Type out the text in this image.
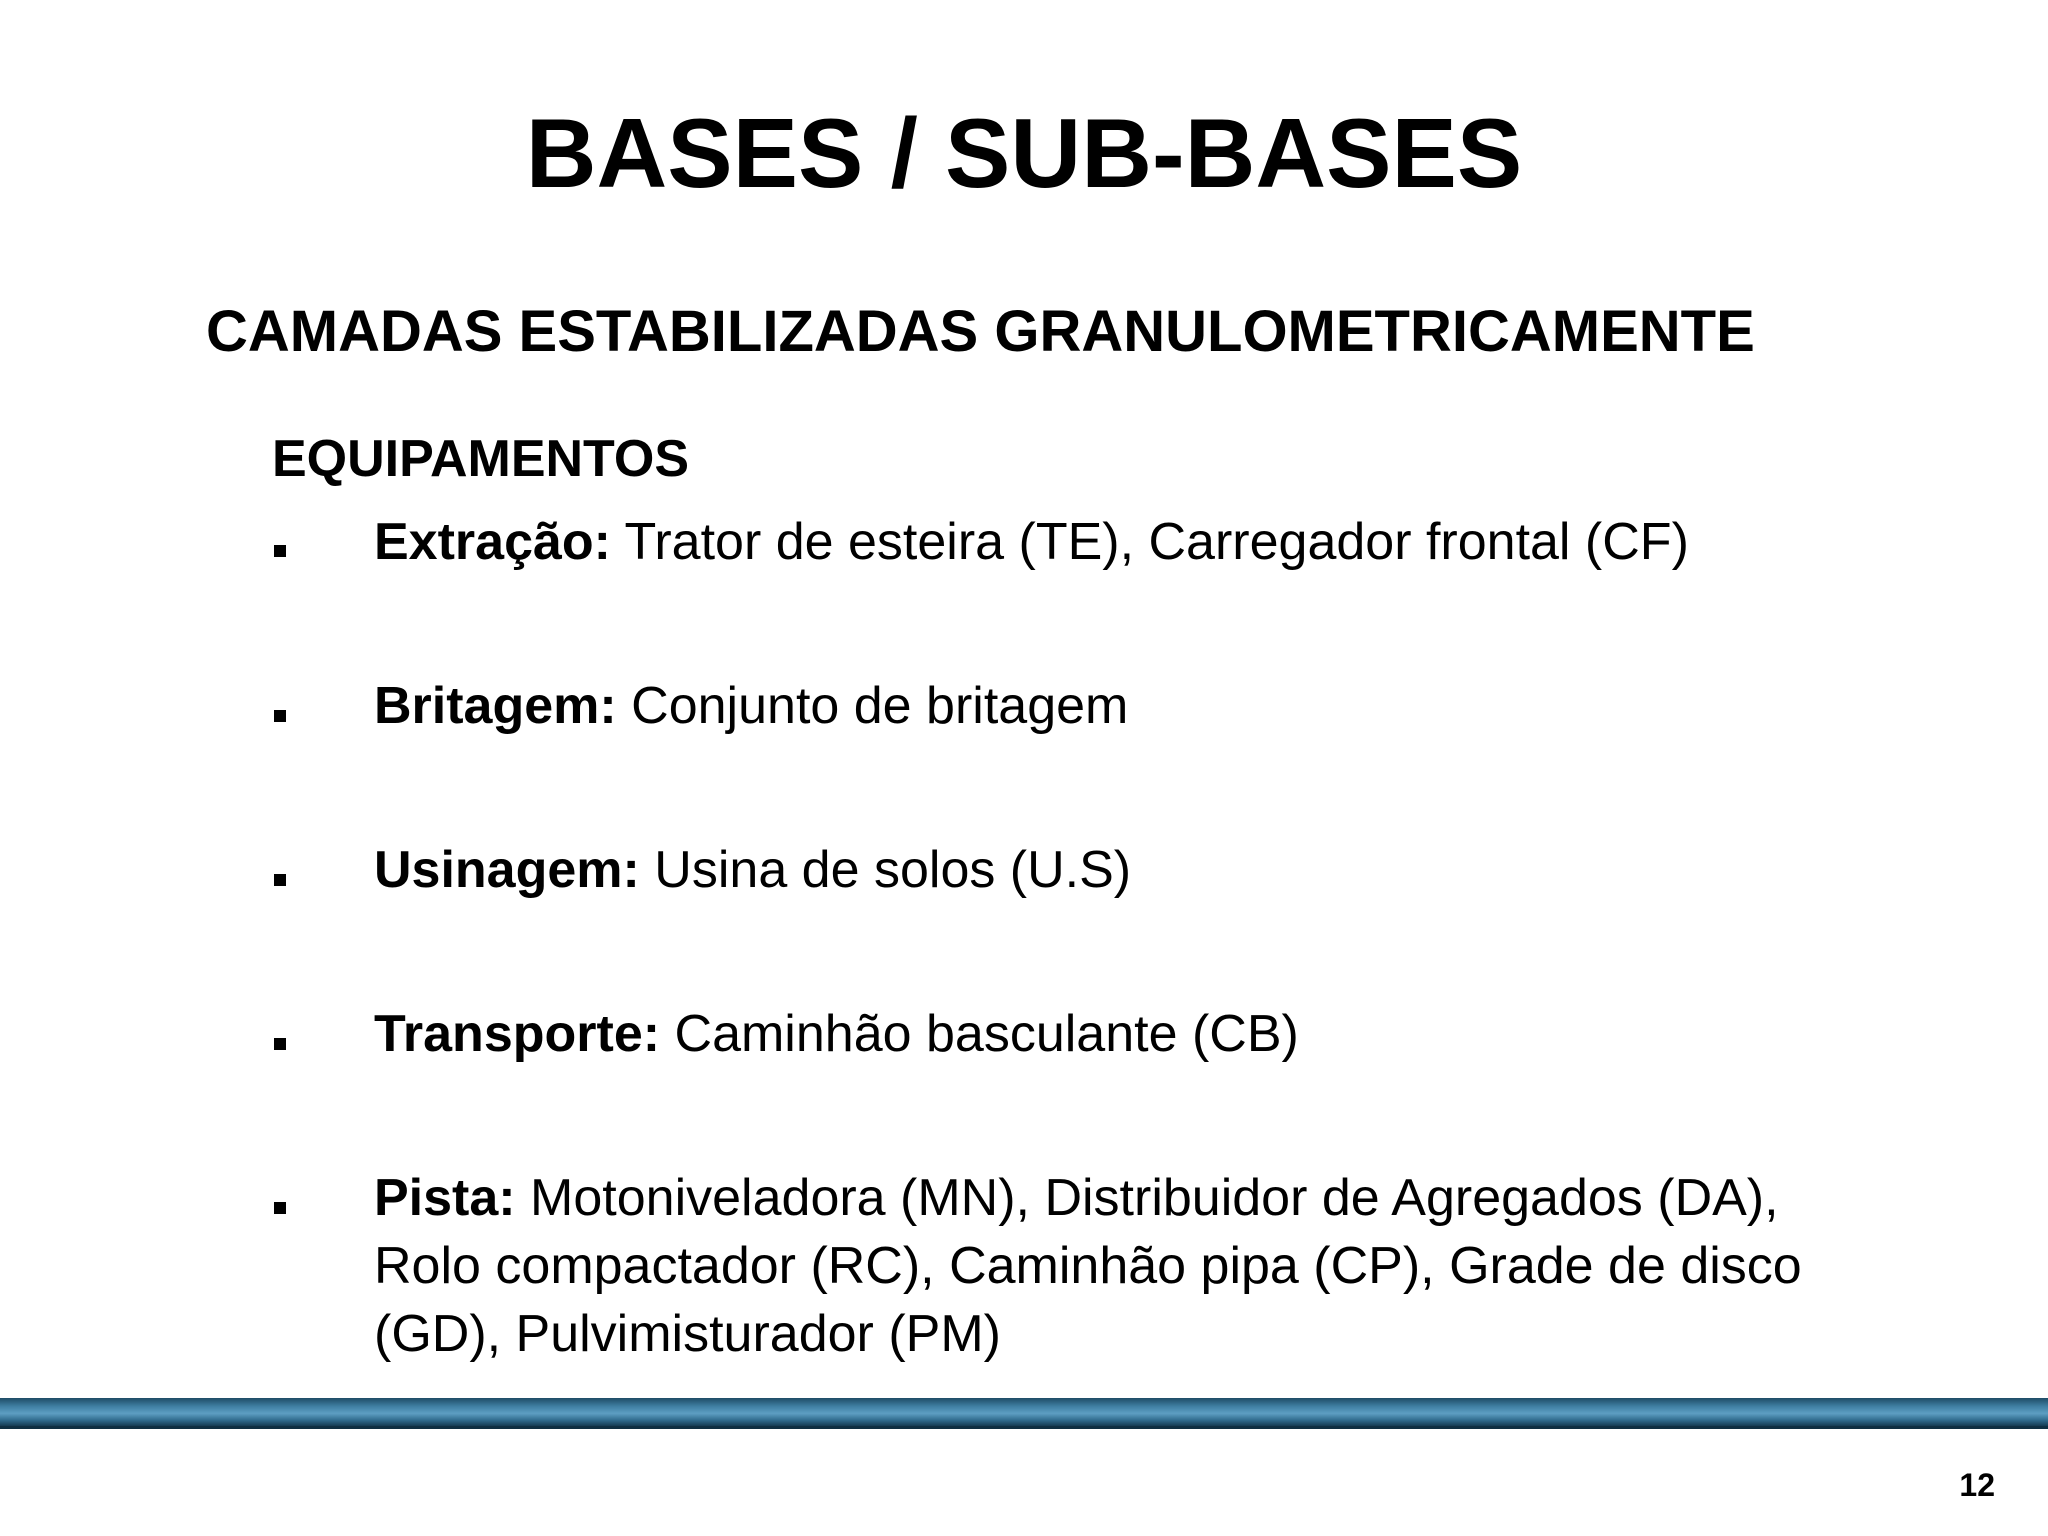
BASES / SUB-BASES
CAMADAS ESTABILIZADAS GRANULOMETRICAMENTE
EQUIPAMENTOS
Extração: Trator de esteira (TE), Carregador frontal (CF)
Britagem: Conjunto de britagem
Usinagem: Usina de solos (U.S)
Transporte: Caminhão basculante (CB)
Pista: Motoniveladora (MN), Distribuidor de Agregados (DA), Rolo compactador (RC), Caminhão pipa (CP), Grade de disco (GD), Pulvimisturador (PM)
12
